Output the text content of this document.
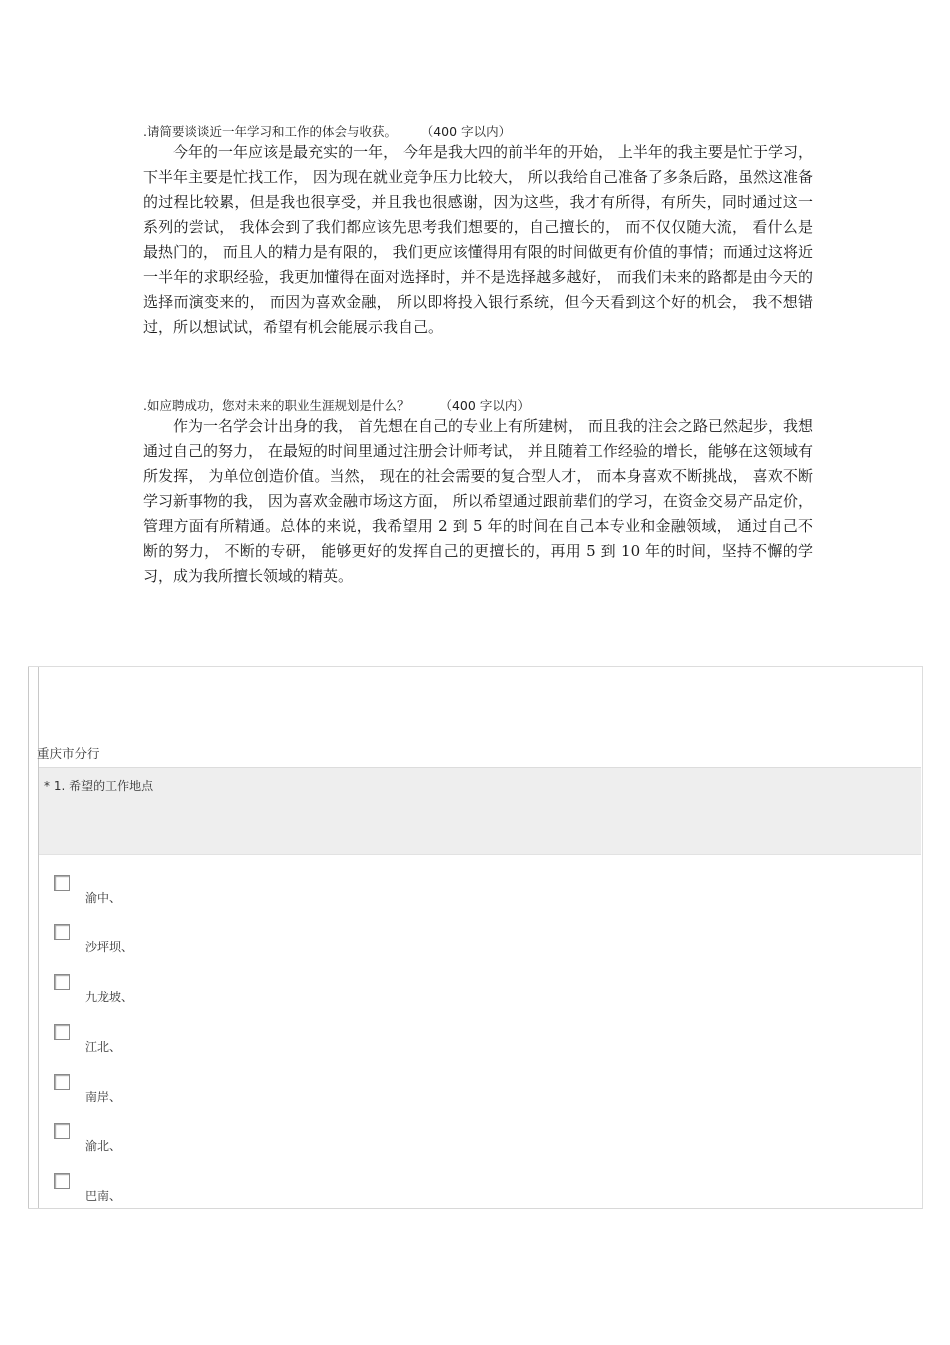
.请简要谈谈近一年学习和工作的体会与收获。 （400 字以内）

今年的一年应该是最充实的一年， 今年是我大四的前半年的开始， 上半年的我主要是忙于学习， 下半年主要是忙找工作， 因为现在就业竞争压力比较大， 所以我给自己准备了多条后路，虽然这准备的过程比较累，但是我也很享受，并且我也很感谢，因为这些，我才有所得，有所失，同时通过这一系列的尝试， 我体会到了我们都应该先思考我们想要的，自己擅长的， 而不仅仅随大流， 看什么是最热门的， 而且人的精力是有限的， 我们更应该懂得用有限的时间做更有价值的事情；而通过这将近一半年的求职经验，我更加懂得在面对选择时，并不是选择越多越好， 而我们未来的路都是由今天的选择而演变来的， 而因为喜欢金融， 所以即将投入银行系统，但今天看到这个好的机会， 我不想错过，所以想试试，希望有机会能展示我自己。

.如应聘成功，您对未来的职业生涯规划是什么？ （400 字以内）

作为一名学会计出身的我， 首先想在自己的专业上有所建树， 而且我的注会之路已然起步，我想通过自己的努力， 在最短的时间里通过注册会计师考试， 并且随着工作经验的增长，能够在这领域有所发挥， 为单位创造价值。当然， 现在的社会需要的复合型人才， 而本身喜欢不断挑战， 喜欢不断学习新事物的我， 因为喜欢金融市场这方面， 所以希望通过跟前辈们的学习，在资金交易产品定价，管理方面有所精通。总体的来说，我希望用 2 到 5 年的时间在自己本专业和金融领域， 通过自己不断的努力， 不断的专研， 能够更好的发挥自己的更擅长的，再用 5 到 10 年的时间，坚持不懈的学习，成为我所擅长领域的精英。

重庆市分行
* 1. 希望的工作地点
渝中、
沙坪坝、
九龙坡、
江北、
南岸、
渝北、
巴南、
